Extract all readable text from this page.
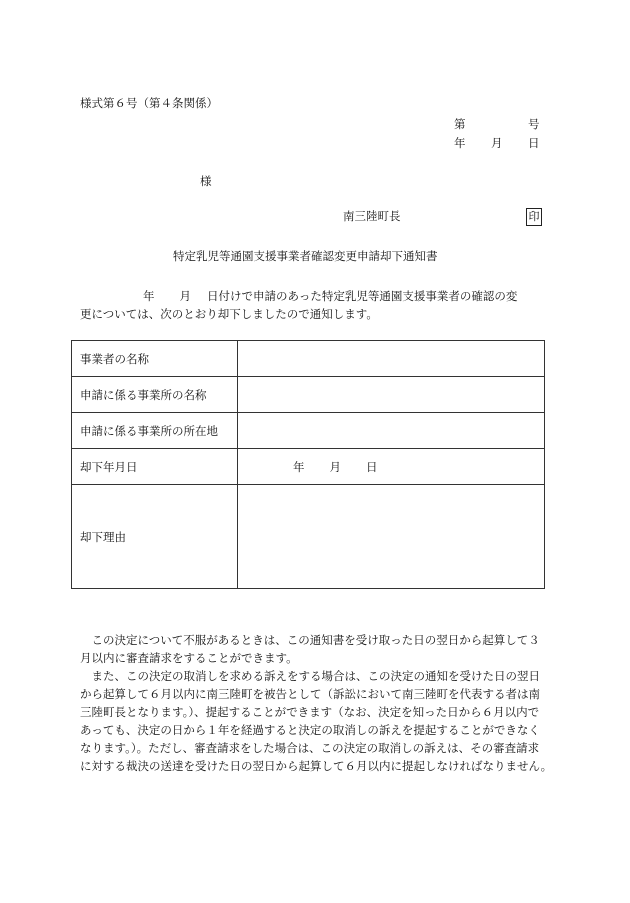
様式第６号（第４条関係）
第	号
年 月 日
様
南三陸町長	印
特定乳児等通園支援事業者確認変更申請却下通知書
年 月 日付けで申請のあった特定乳児等通園支援事業者の確認の変
更については、次のとおり却下しましたので通知します。
事業者の名称	
申請に係る事業所の名称	
申請に係る事業所の所在地	
却下年月日	年 月 日
却下理由	

　この決定について不服があるときは、この通知書を受け取った日の翌日から起算して３

月以内に審査請求をすることができます。

　また、この決定の取消しを求める訴えをする場合は、この決定の通知を受けた日の翌日

から起算して６月以内に南三陸町を被告として（訴訟において南三陸町を代表する者は南

三陸町長となります。）、提起することができます（なお、決定を知った日から６月以内で

あっても、決定の日から１年を経過すると決定の取消しの訴えを提起することができなく

なります。）。ただし、審査請求をした場合は、この決定の取消しの訴えは、その審査請求

に対する裁決の送達を受けた日の翌日から起算して６月以内に提起しなければなりません。
